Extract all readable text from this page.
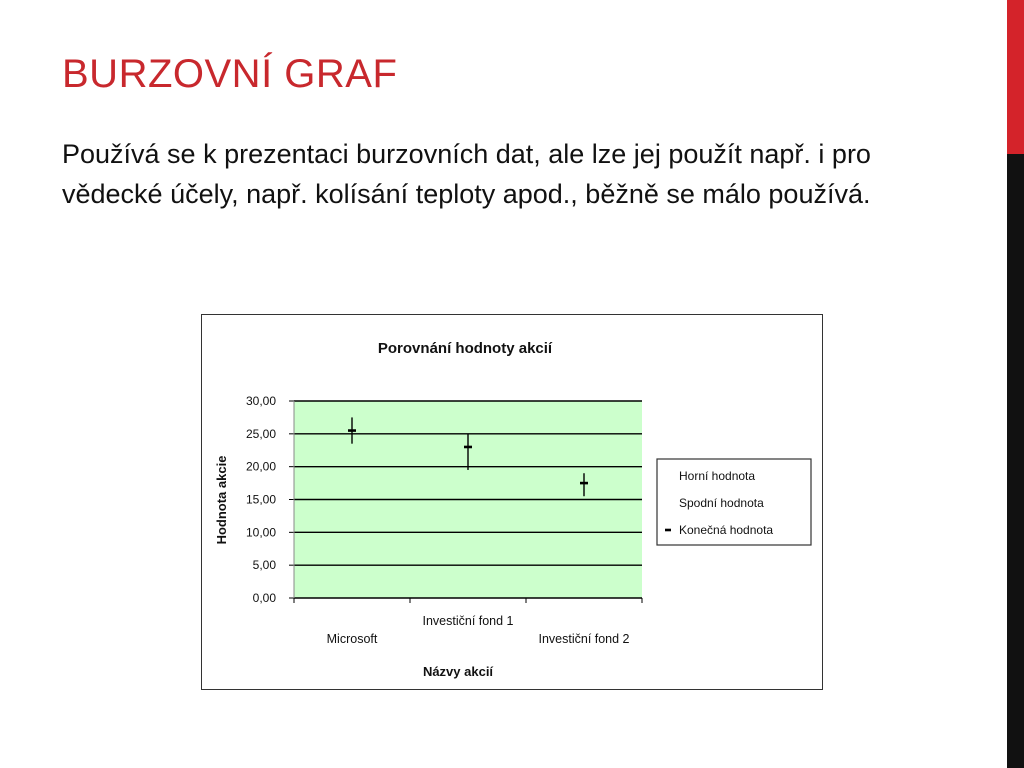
BURZOVNÍ GRAF

Používá se k prezentaci burzovních dat, ale lze jej použít např. i pro vědecké účely, např. kolísání teploty apod., běžně se málo používá.

Porovnání hodnoty akcií
30,00
25,00
20,00
15,00
10,00
5,00
0,00
Microsoft
Investiční fond 1
Investiční fond 2
Názvy akcií
Hodnota akcie	Horní hodnota
Spodní hodnota
Konečná hodnota
